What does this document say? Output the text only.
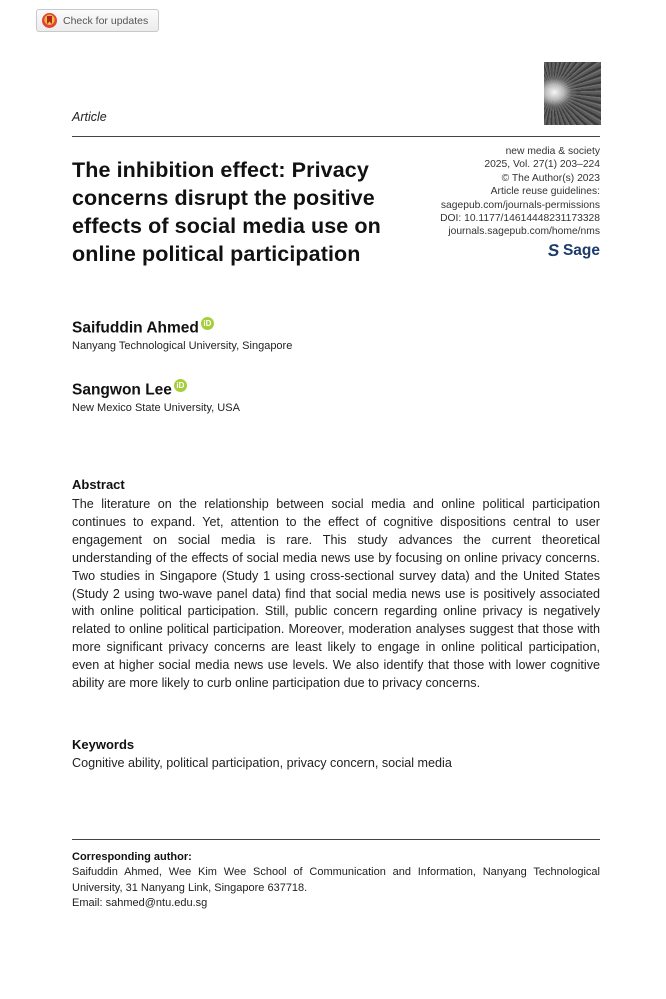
Check for updates
Article
The inhibition effect: Privacy concerns disrupt the positive effects of social media use on online political participation
new media & society
2025, Vol. 27(1) 203–224
© The Author(s) 2023
Article reuse guidelines:
sagepub.com/journals-permissions
DOI: 10.1177/14614448231173328
journals.sagepub.com/home/nms
S Sage
Saifuddin Ahmed iD
Nanyang Technological University, Singapore
Sangwon Lee iD
New Mexico State University, USA
Abstract
The literature on the relationship between social media and online political participation continues to expand. Yet, attention to the effect of cognitive dispositions central to user engagement on social media is rare. This study advances the current theoretical understanding of the effects of social media news use by focusing on online privacy concerns. Two studies in Singapore (Study 1 using cross-sectional survey data) and the United States (Study 2 using two-wave panel data) find that social media news use is positively associated with online political participation. Still, public concern regarding online privacy is negatively related to online political participation. Moreover, moderation analyses suggest that those with more significant privacy concerns are least likely to engage in online political participation, even at higher social media news use levels. We also identify that those with lower cognitive ability are more likely to curb online participation due to privacy concerns.
Keywords
Cognitive ability, political participation, privacy concern, social media
Corresponding author:
Saifuddin Ahmed, Wee Kim Wee School of Communication and Information, Nanyang Technological University, 31 Nanyang Link, Singapore 637718.
Email: sahmed@ntu.edu.sg
